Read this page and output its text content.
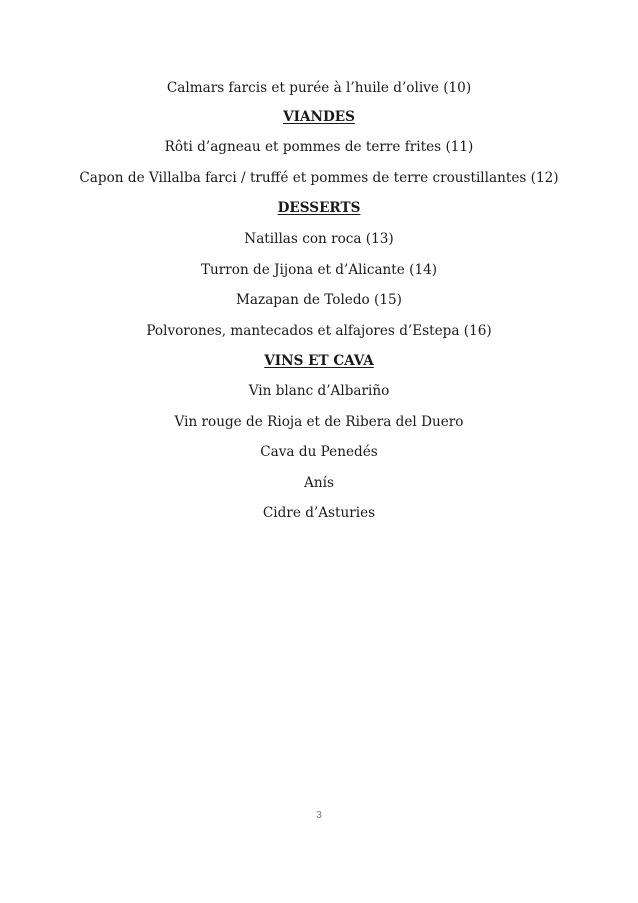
Calmars farcis et purée à l’huile d’olive (10)
VIANDES
Rôti d’agneau et pommes de terre frites (11)
Capon de Villalba farci / truffé et pommes de terre croustillantes (12)
DESSERTS
Natillas con roca (13)
Turron de Jijona et d’Alicante (14)
Mazapan de Toledo (15)
Polvorones, mantecados et alfajores d’Estepa (16)
VINS ET CAVA
Vin blanc d’Albariño
Vin rouge de Rioja et de Ribera del Duero
Cava du Penedés
Anís
Cidre d’Asturies
3
